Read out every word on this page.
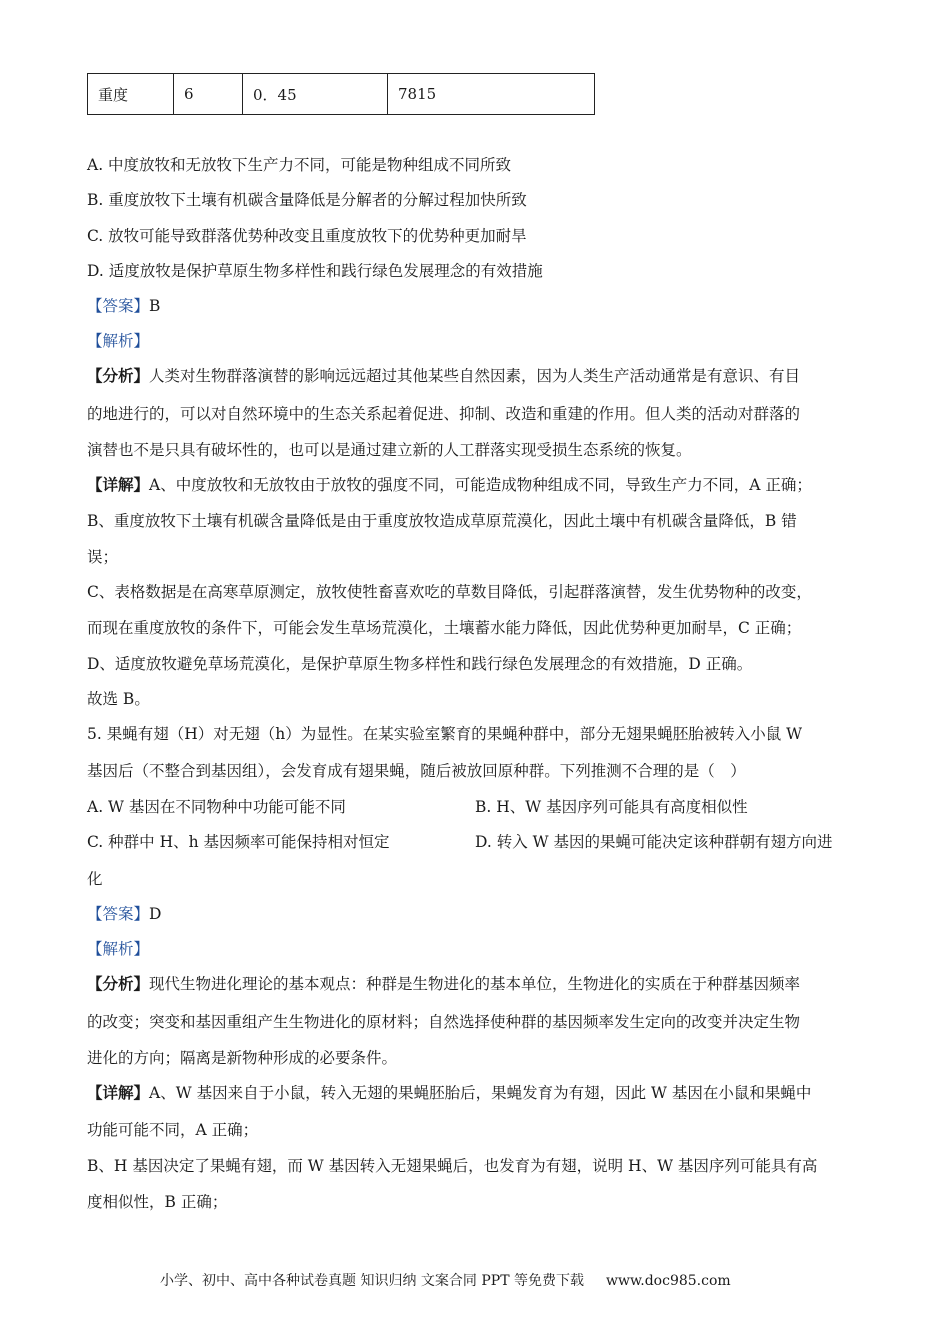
重度	6	0．45	7815
A. 中度放牧和无放牧下生产力不同，可能是物种组成不同所致
B. 重度放牧下土壤有机碳含量降低是分解者的分解过程加快所致
C. 放牧可能导致群落优势种改变且重度放牧下的优势种更加耐旱
D. 适度放牧是保护草原生物多样性和践行绿色发展理念的有效措施
【答案】B
【解析】
【分析】人类对生物群落演替的影响远远超过其他某些自然因素，因为人类生产活动通常是有意识、有目
的地进行的，可以对自然环境中的生态关系起着促进、抑制、改造和重建的作用。但人类的活动对群落的
演替也不是只具有破坏性的，也可以是通过建立新的人工群落实现受损生态系统的恢复。
【详解】A、中度放牧和无放牧由于放牧的强度不同，可能造成物种组成不同，导致生产力不同，A 正确；
B、重度放牧下土壤有机碳含量降低是由于重度放牧造成草原荒漠化，因此土壤中有机碳含量降低，B 错
误；
C、表格数据是在高寒草原测定，放牧使牲畜喜欢吃的草数目降低，引起群落演替，发生优势物种的改变，
而现在重度放牧的条件下，可能会发生草场荒漠化，土壤蓄水能力降低，因此优势种更加耐旱，C 正确；
D、适度放牧避免草场荒漠化，是保护草原生物多样性和践行绿色发展理念的有效措施，D 正确。
故选 B。
5. 果蝇有翅（H）对无翅（h）为显性。在某实验室繁育的果蝇种群中，部分无翅果蝇胚胎被转入小鼠 W
基因后（不整合到基因组），会发育成有翅果蝇，随后被放回原种群。下列推测不合理的是（　）
A. W 基因在不同物种中功能可能不同	B. H、W 基因序列可能具有高度相似性
C. 种群中 H、h 基因频率可能保持相对恒定	D. 转入 W 基因的果蝇可能决定该种群朝有翅方向进
化
【答案】D
【解析】
【分析】现代生物进化理论的基本观点：种群是生物进化的基本单位，生物进化的实质在于种群基因频率
的改变；突变和基因重组产生生物进化的原材料；自然选择使种群的基因频率发生定向的改变并决定生物
进化的方向；隔离是新物种形成的必要条件。
【详解】A、W 基因来自于小鼠，转入无翅的果蝇胚胎后，果蝇发育为有翅，因此 W 基因在小鼠和果蝇中
功能可能不同，A 正确；
B、H 基因决定了果蝇有翅，而 W 基因转入无翅果蝇后，也发育为有翅，说明 H、W 基因序列可能具有高
度相似性，B 正确；
小学、初中、高中各种试卷真题 知识归纳 文案合同 PPT 等免费下载 www.doc985.com
